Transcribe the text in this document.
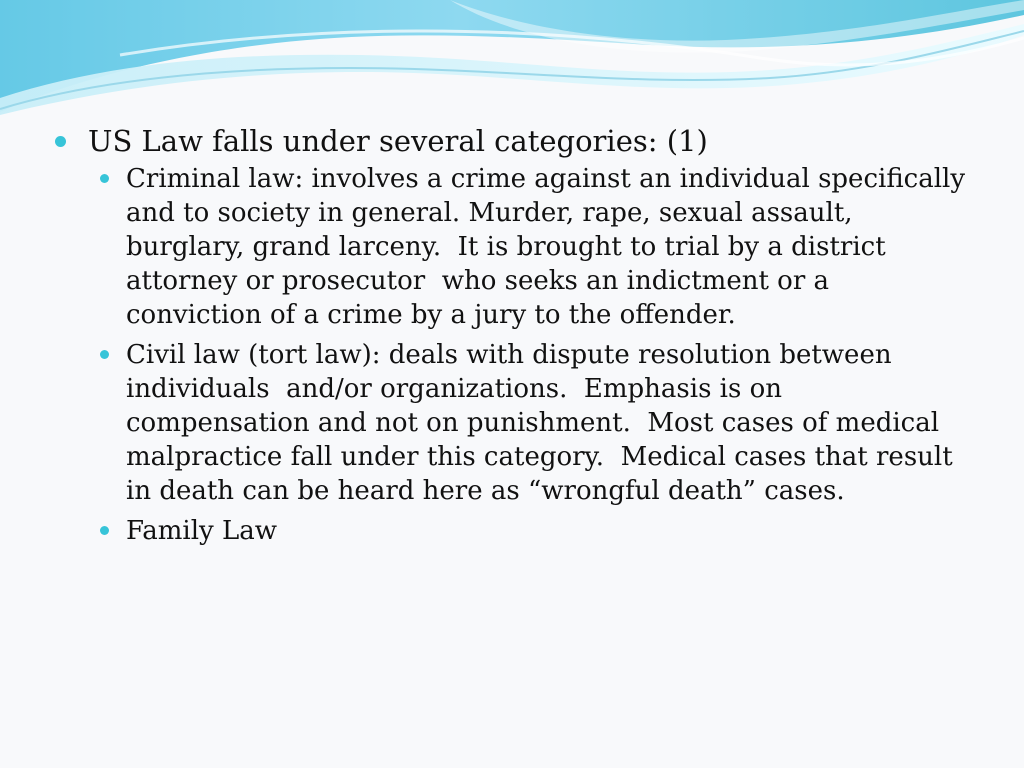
US Law falls under several categories: (1)
Criminal law: involves a crime against an individual specifically and to society in general. Murder, rape, sexual assault, burglary, grand larceny.  It is brought to trial by a district attorney or prosecutor  who seeks an indictment or a conviction of a crime by a jury to the offender.
Civil law (tort law): deals with dispute resolution between individuals  and/or organizations.  Emphasis is on compensation and not on punishment.  Most cases of medical malpractice fall under this category.  Medical cases that result in death can be heard here as “wrongful death” cases.
Family Law
